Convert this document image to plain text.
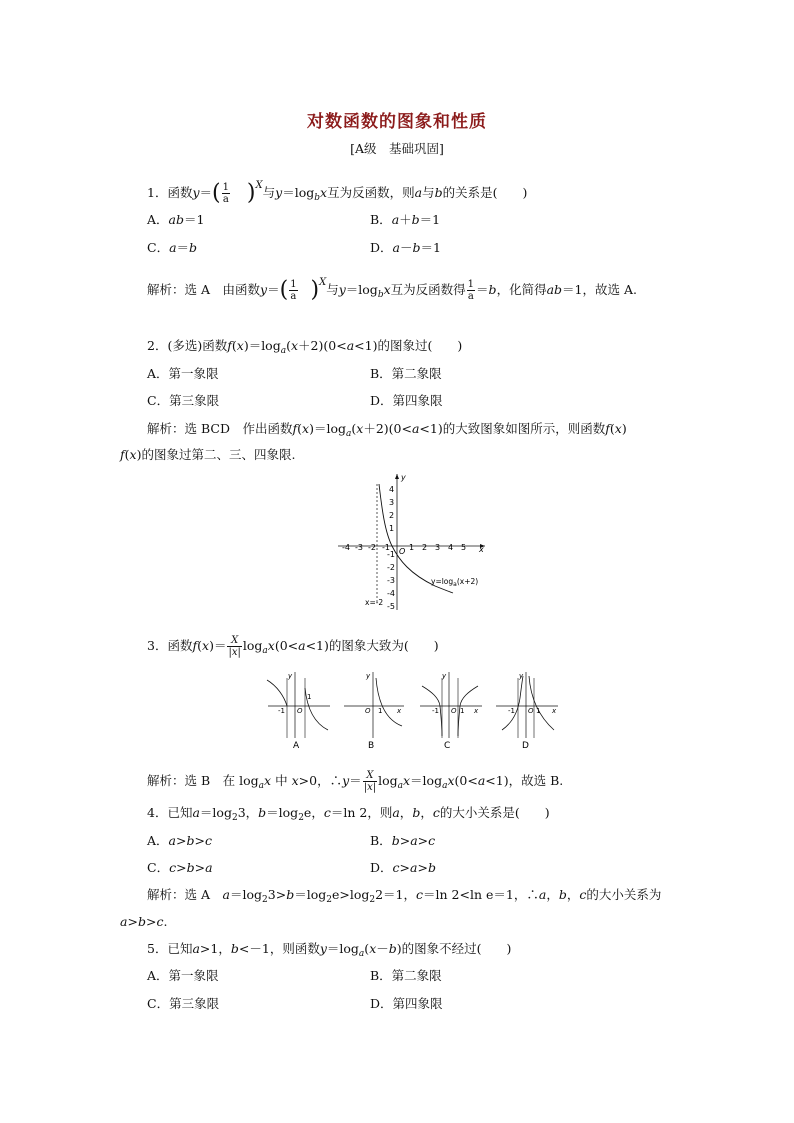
对数函数的图象和性质
[A级　基础巩固]
1．函数$y=( \frac{1}{a} )^X$与$y=\log_bx$互为反函数，则a与b的关系是(　　)
A．ab＝1	B．a＋b＝1
C．a＝b	D．a－b＝1
解析：选 A　由函数$y=( \frac{1}{a} )^X$与$y=\log_bx$互为反函数得 $\frac{1}{a} =b$，化简得ab＝1，故选 A.
2．(多选)函数$f(x)=\log_a(x+2)(0<a<1)$的图象过(　　)
A．第一象限	B．第二象限
C．第三象限	D．第四象限
解析：选 BCD　作出函数$f(x)=\log_a(x+2)(0<a<1)$的大致图象如图所示，则函数f(x)
f(x)的图象过第二、三、四象限.
x
y
-4 -3 -2 -1 O 1 2 3 4 5
4
3
2
1
-1
-2
-3
-4
-5
x=-2
$y=\log_a(x+2)$
3．函数$f(x)= \frac{X}{|x|} \log_ax(0<a<1)$的图象大致为(　　)
O
-1
1
y
O 1
y
x	O
-1	1
y
x	O
-1	1
y
x
A	B	C	D
解析：选 B　在 $\log_ax$ 中 x>0，∴y＝ $\frac{X}{|x|} \log_ax=\log_ax(0<a<1)$，故选 B.
4．已知$a=\log_23$，$b=\log_2e$，c＝ln 2，则a，b，c的大小关系是(　　)
A．a>b>c	B．b>a>c
C．c>b>a	D．c>a>b
解析：选 A　 $a=\log_23>b=\log_2e>\log_22=1$，c＝ln 2<ln e＝1，∴a，b，c的大小关系为
a>b>c.
5．已知a>1，b<－1，则函数$y=\log_a(x-b)$的图象不经过(　　)
A．第一象限	B．第二象限
C．第三象限	D．第四象限
